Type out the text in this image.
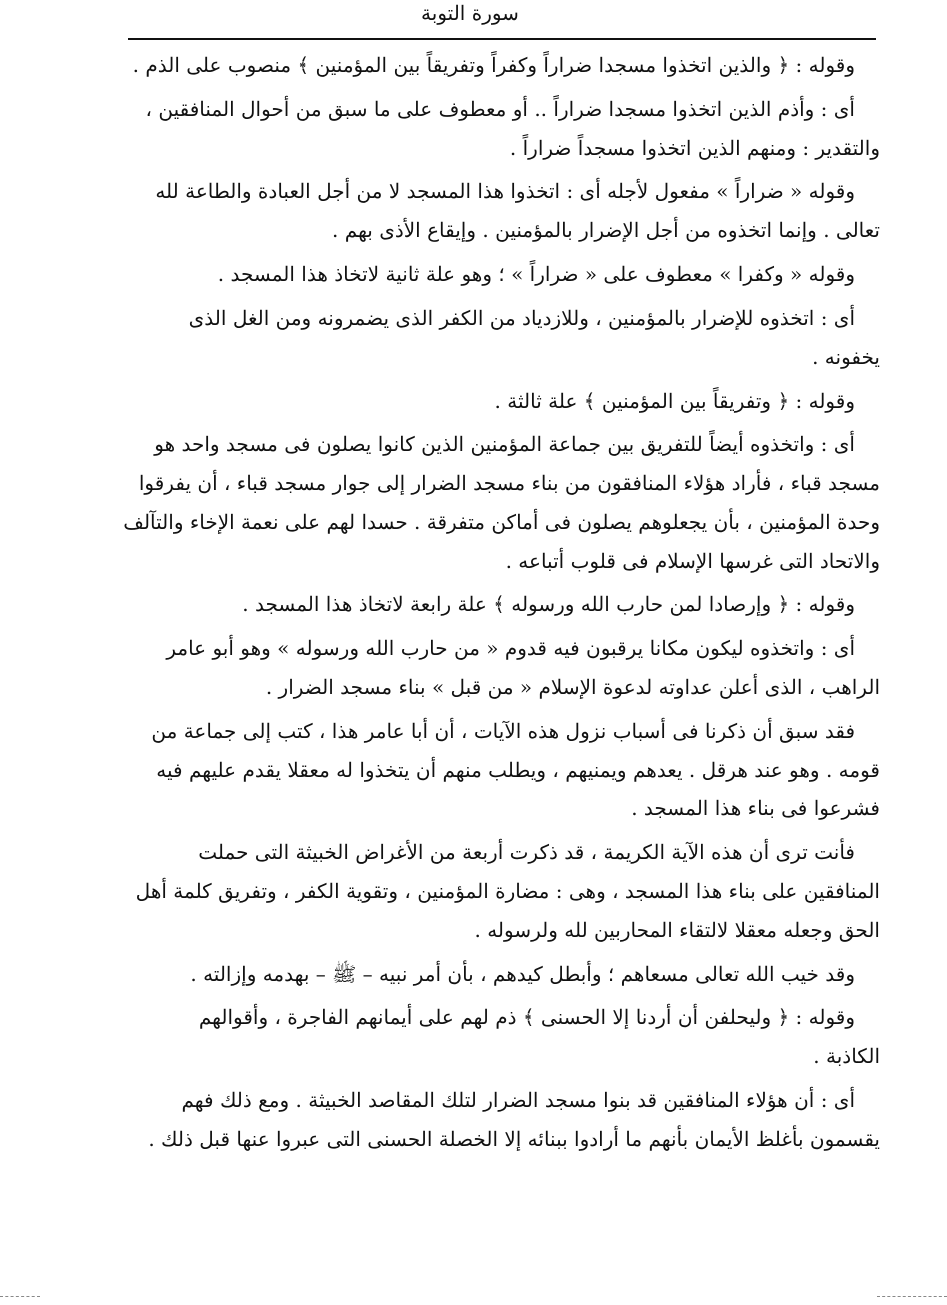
سورة التوبة
وقوله : ﴿ والذين اتخذوا مسجدا ضراراً وكفراً وتفريقاً بين المؤمنين ﴾ منصوب على الذم .
أى : وأذم الذين اتخذوا مسجدا ضراراً .. أو معطوف على ما سبق من أحوال المنافقين ،
والتقدير : ومنهم الذين اتخذوا مسجداً ضراراً .
وقوله « ضراراً » مفعول لأجله أى : اتخذوا هذا المسجد لا من أجل العبادة والطاعة لله
تعالى . وإنما اتخذوه من أجل الإضرار بالمؤمنين . وإيقاع الأذى بهم .
وقوله « وكفرا » معطوف على « ضراراً » ؛ وهو علة ثانية لاتخاذ هذا المسجد .
أى : اتخذوه للإضرار بالمؤمنين ، وللازدياد من الكفر الذى يضمرونه ومن الغل الذى
يخفونه .
وقوله : ﴿ وتفريقاً بين المؤمنين ﴾ علة ثالثة .
أى : واتخذوه أيضاً للتفريق بين جماعة المؤمنين الذين كانوا يصلون فى مسجد واحد هو
مسجد قباء ، فأراد هؤلاء المنافقون من بناء مسجد الضرار إلى جوار مسجد قباء ، أن يفرقوا
وحدة المؤمنين ، بأن يجعلوهم يصلون فى أماكن متفرقة . حسدا لهم على نعمة الإخاء والتآلف
والاتحاد التى غرسها الإسلام فى قلوب أتباعه .
وقوله : ﴿ وإرصادا لمن حارب الله ورسوله ﴾ علة رابعة لاتخاذ هذا المسجد .
أى : واتخذوه ليكون مكانا يرقبون فيه قدوم « من حارب الله ورسوله » وهو أبو عامر
الراهب ، الذى أعلن عداوته لدعوة الإسلام « من قبل » بناء مسجد الضرار .
فقد سبق أن ذكرنا فى أسباب نزول هذه الآيات ، أن أبا عامر هذا ، كتب إلى جماعة من
قومه . وهو عند هرقل . يعدهم ويمنيهم ، ويطلب منهم أن يتخذوا له معقلا يقدم عليهم فيه
فشرعوا فى بناء هذا المسجد .
فأنت ترى أن هذه الآية الكريمة ، قد ذكرت أربعة من الأغراض الخبيثة التى حملت
المنافقين على بناء هذا المسجد ، وهى : مضارة المؤمنين ، وتقوية الكفر ، وتفريق كلمة أهل
الحق وجعله معقلا لالتقاء المحاربين لله ولرسوله .
وقد خيب الله تعالى مسعاهم ؛ وأبطل كيدهم ، بأن أمر نبيه – ﷺ – بهدمه وإزالته .
وقوله : ﴿ وليحلفن أن أردنا إلا الحسنى ﴾ ذم لهم على أيمانهم الفاجرة ، وأقوالهم
الكاذبة .
أى : أن هؤلاء المنافقين قد بنوا مسجد الضرار لتلك المقاصد الخبيثة . ومع ذلك فهم
يقسمون بأغلظ الأيمان بأنهم ما أرادوا ببنائه إلا الخصلة الحسنى التى عبروا عنها قبل ذلك .
